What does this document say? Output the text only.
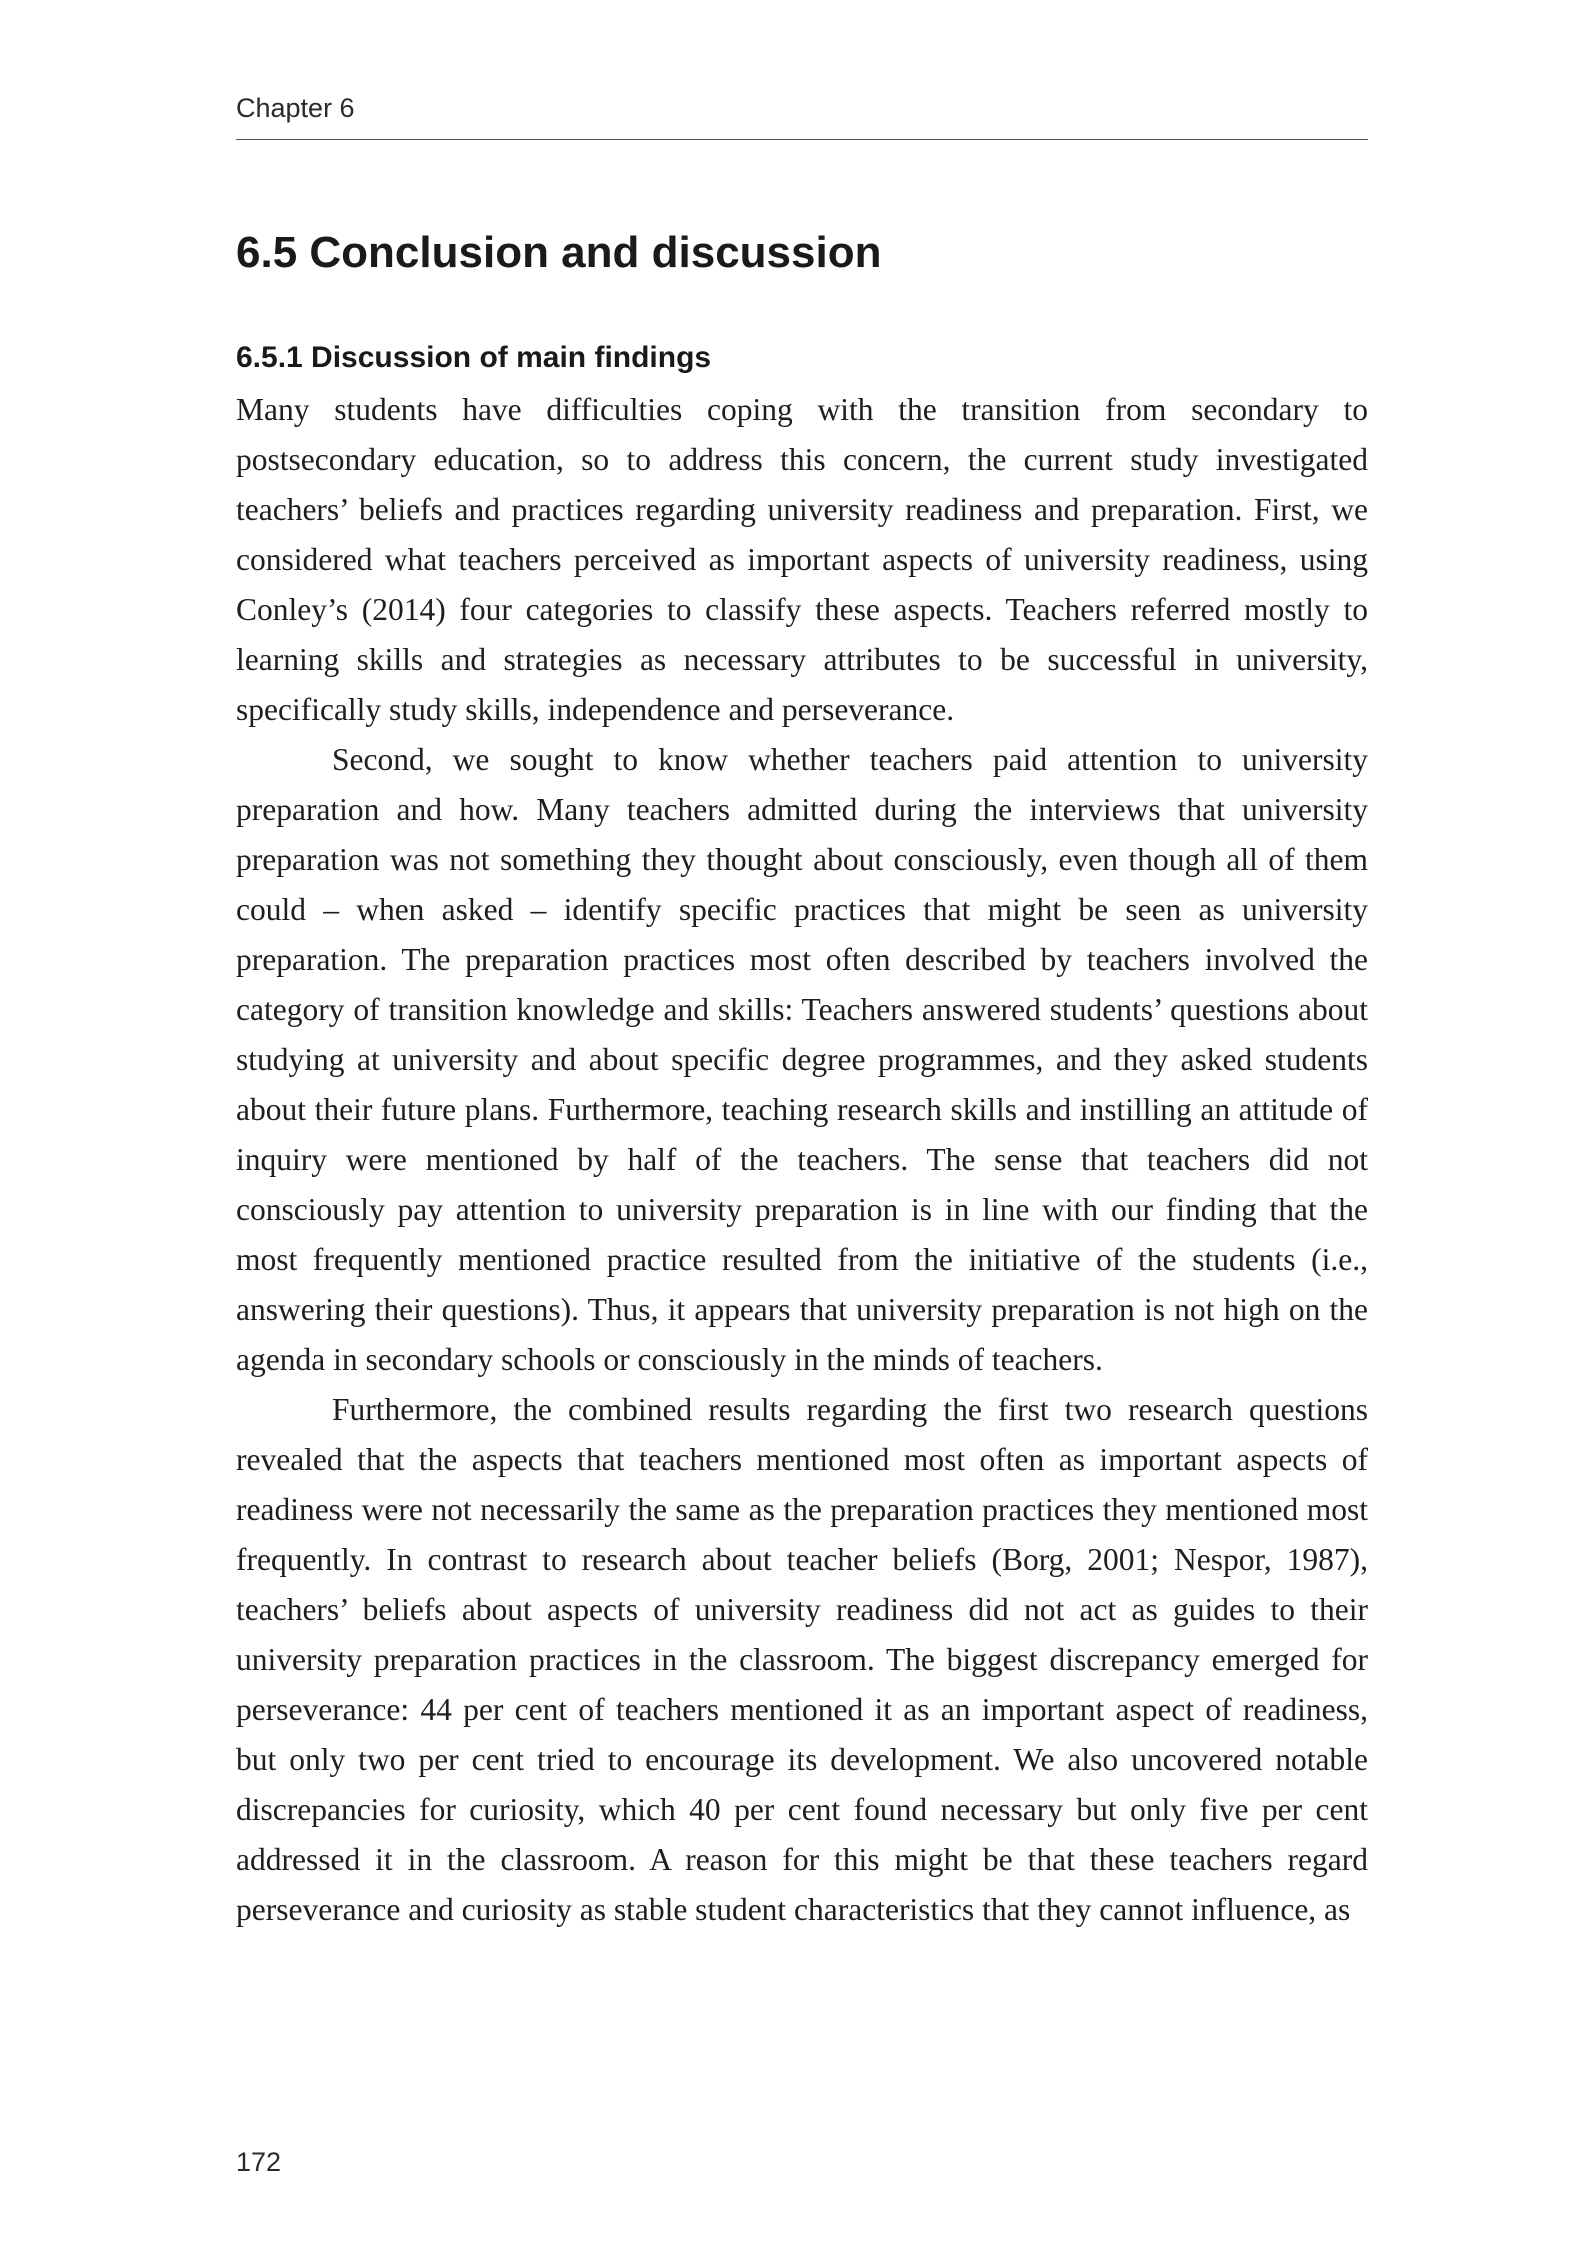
Chapter 6
6.5 Conclusion and discussion
6.5.1 Discussion of main findings

Many students have difficulties coping with the transition from secondary to postsecondary education, so to address this concern, the current study investigated teachers’ beliefs and practices regarding university readiness and preparation. First, we considered what teachers perceived as important aspects of university readiness, using Conley’s (2014) four categories to classify these aspects. Teachers referred mostly to learning skills and strategies as necessary attributes to be successful in university, specifically study skills, independence and perseverance.

Second, we sought to know whether teachers paid attention to university preparation and how. Many teachers admitted during the interviews that university preparation was not something they thought about consciously, even though all of them could – when asked – identify specific practices that might be seen as university preparation. The preparation practices most often described by teachers involved the category of transition knowledge and skills: Teachers answered students’ questions about studying at university and about specific degree programmes, and they asked students about their future plans. Furthermore, teaching research skills and instilling an attitude of inquiry were mentioned by half of the teachers. The sense that teachers did not consciously pay attention to university preparation is in line with our finding that the most frequently mentioned practice resulted from the initiative of the students (i.e., answering their questions). Thus, it appears that university preparation is not high on the agenda in secondary schools or consciously in the minds of teachers.

Furthermore, the combined results regarding the first two research questions revealed that the aspects that teachers mentioned most often as important aspects of readiness were not necessarily the same as the preparation practices they mentioned most frequently. In contrast to research about teacher beliefs (Borg, 2001; Nespor, 1987), teachers’ beliefs about aspects of university readiness did not act as guides to their university preparation practices in the classroom. The biggest discrepancy emerged for perseverance: 44 per cent of teachers mentioned it as an important aspect of readiness, but only two per cent tried to encourage its development. We also uncovered notable discrepancies for curiosity, which 40 per cent found necessary but only five per cent addressed it in the classroom. A reason for this might be that these teachers regard perseverance and curiosity as stable student characteristics that they cannot influence, as

172
